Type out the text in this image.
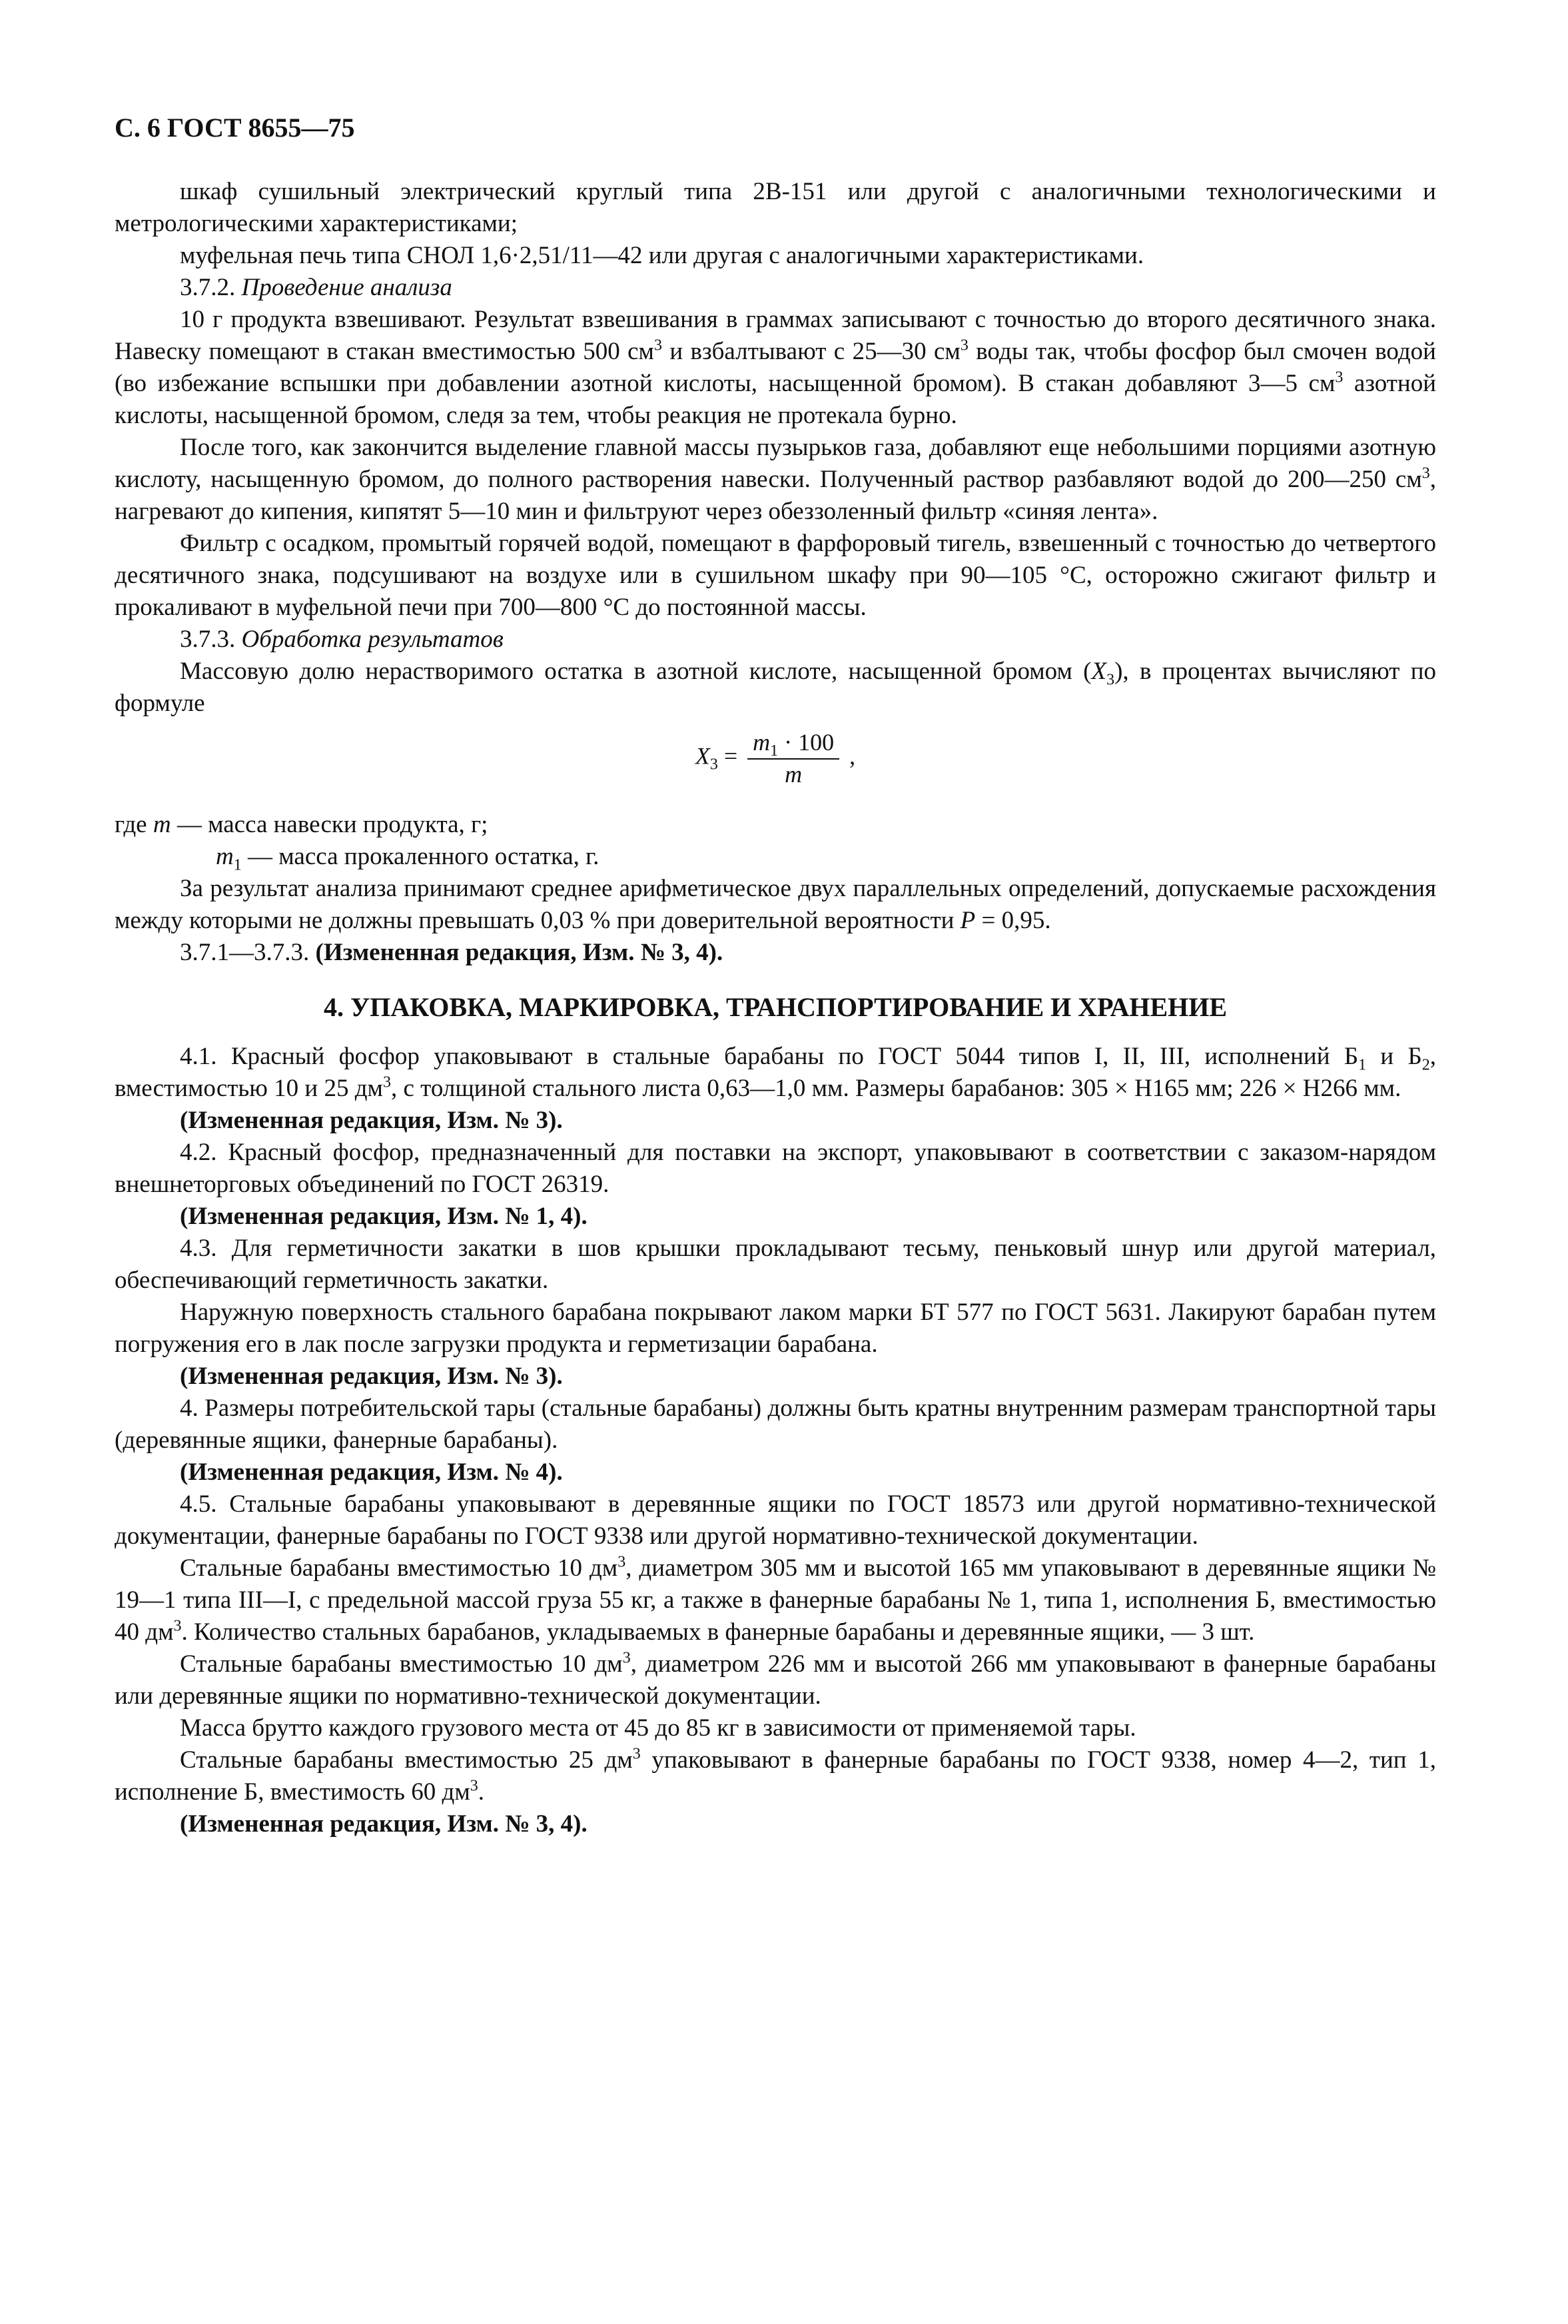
С. 6 ГОСТ 8655—75

шкаф сушильный электрический круглый типа 2В-151 или другой с аналогичными технологическими и метрологическими характеристиками;

муфельная печь типа СНОЛ 1,6·2,51/11—42 или другая с аналогичными характеристиками.

3.7.2. Проведение анализа

10 г продукта взвешивают. Результат взвешивания в граммах записывают с точностью до второго десятичного знака. Навеску помещают в стакан вместимостью 500 $см^3$ и взбалтывают с 25—30 $см^3$ воды так, чтобы фосфор был смочен водой (во избежание вспышки при добавлении азотной кислоты, насыщенной бромом). В стакан добавляют 3—5 $см^3$ азотной кислоты, насыщенной бромом, следя за тем, чтобы реакция не протекала бурно.

После того, как закончится выделение главной массы пузырьков газа, добавляют еще небольшими порциями азотную кислоту, насыщенную бромом, до полного растворения навески. Полученный раствор разбавляют водой до 200—250 $см^3$, нагревают до кипения, кипятят 5—10 мин и фильтруют через обеззоленный фильтр «синяя лента».

Фильтр с осадком, промытый горячей водой, помещают в фарфоровый тигель, взвешенный с точностью до четвертого десятичного знака, подсушивают на воздухе или в сушильном шкафу при 90—105 °С, осторожно сжигают фильтр и прокаливают в муфельной печи при 700—800 °С до постоянной массы.

3.7.3. Обработка результатов

Массовую долю нерастворимого остатка в азотной кислоте, насыщенной бромом $(X_3)$, в процентах вычисляют по формуле

$X_3 = \frac{m_1 \cdot 100}{m}$ ,

где m — масса навески продукта, г;

$m_1$ — масса прокаленного остатка, г.

За результат анализа принимают среднее арифметическое двух параллельных определений, допускаемые расхождения между которыми не должны превышать 0,03 % при доверительной вероятности P = 0,95.

3.7.1—3.7.3. (Измененная редакция, Изм. № 3, 4).

4. УПАКОВКА, МАРКИРОВКА, ТРАНСПОРТИРОВАНИЕ И ХРАНЕНИЕ

4.1. Красный фосфор упаковывают в стальные барабаны по ГОСТ 5044 типов I, II, III, исполнений $Б_1$ и $Б_2$, вместимостью 10 и 25 $дм^3$, с толщиной стального листа 0,63—1,0 мм. Размеры барабанов: 305 × Н165 мм; 226 × Н266 мм.

(Измененная редакция, Изм. № 3).

4.2. Красный фосфор, предназначенный для поставки на экспорт, упаковывают в соответствии с заказом-нарядом внешнеторговых объединений по ГОСТ 26319.

(Измененная редакция, Изм. № 1, 4).

4.3. Для герметичности закатки в шов крышки прокладывают тесьму, пеньковый шнур или другой материал, обеспечивающий герметичность закатки.

Наружную поверхность стального барабана покрывают лаком марки БТ 577 по ГОСТ 5631. Лакируют барабан путем погружения его в лак после загрузки продукта и герметизации барабана.

(Измененная редакция, Изм. № 3).

4. Размеры потребительской тары (стальные барабаны) должны быть кратны внутренним размерам транспортной тары (деревянные ящики, фанерные барабаны).

(Измененная редакция, Изм. № 4).

4.5. Стальные барабаны упаковывают в деревянные ящики по ГОСТ 18573 или другой нормативно-технической документации, фанерные барабаны по ГОСТ 9338 или другой нормативно-технической документации.

Стальные барабаны вместимостью 10 $дм^3$, диаметром 305 мм и высотой 165 мм упаковывают в деревянные ящики № 19—1 типа III—I, с предельной массой груза 55 кг, а также в фанерные барабаны № 1, типа 1, исполнения Б, вместимостью 40 $дм^3$. Количество стальных барабанов, укладываемых в фанерные барабаны и деревянные ящики, — 3 шт.

Стальные барабаны вместимостью 10 $дм^3$, диаметром 226 мм и высотой 266 мм упаковывают в фанерные барабаны или деревянные ящики по нормативно-технической документации.

Масса брутто каждого грузового места от 45 до 85 кг в зависимости от применяемой тары.

Стальные барабаны вместимостью 25 $дм^3$ упаковывают в фанерные барабаны по ГОСТ 9338, номер 4—2, тип 1, исполнение Б, вместимость 60 $дм^3$.

(Измененная редакция, Изм. № 3, 4).
